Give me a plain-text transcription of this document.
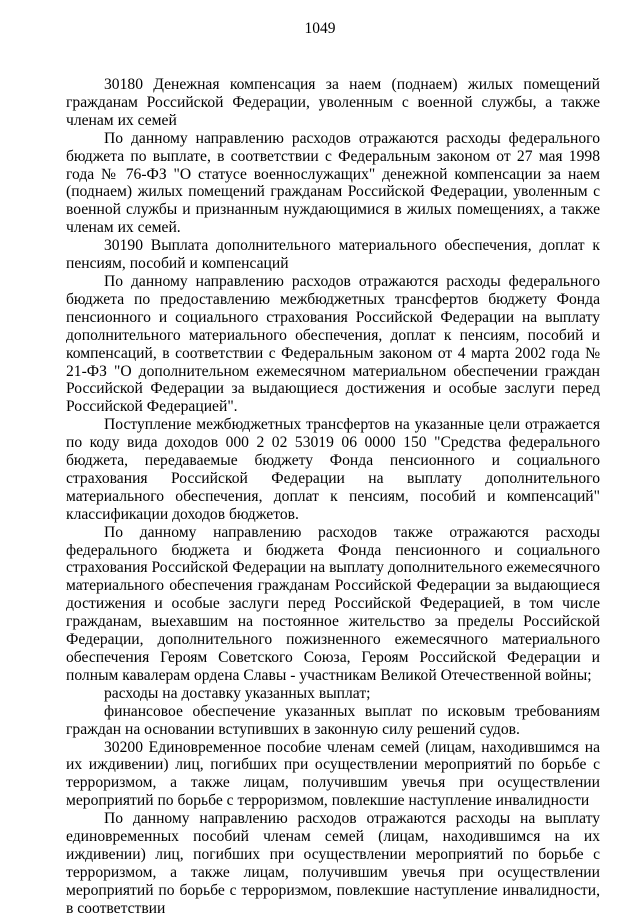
1049

30180 Денежная компенсация за наем (поднаем) жилых помещений гражданам Российской Федерации, уволенным с военной службы, а также членам их семей

По данному направлению расходов отражаются расходы федерального бюджета по выплате, в соответствии с Федеральным законом от 27 мая 1998 года № 76-ФЗ "О статусе военнослужащих" денежной компенсации за наем (поднаем) жилых помещений гражданам Российской Федерации, уволенным с военной службы и признанным нуждающимися в жилых помещениях, а также членам их семей.

30190 Выплата дополнительного материального обеспечения, доплат к пенсиям, пособий и компенсаций

По данному направлению расходов отражаются расходы федерального бюджета по предоставлению межбюджетных трансфертов бюджету Фонда пенсионного и социального страхования Российской Федерации на выплату дополнительного материального обеспечения, доплат к пенсиям, пособий и компенсаций, в соответствии с Федеральным законом от 4 марта 2002 года № 21-ФЗ "О дополнительном ежемесячном материальном обеспечении граждан Российской Федерации за выдающиеся достижения и особые заслуги перед Российской Федерацией".

Поступление межбюджетных трансфертов на указанные цели отражается по коду вида доходов 000 2 02 53019 06 0000 150 "Средства федерального бюджета, передаваемые бюджету Фонда пенсионного и социального страхования Российской Федерации на выплату дополнительного материального обеспечения, доплат к пенсиям, пособий и компенсаций" классификации доходов бюджетов.

По данному направлению расходов также отражаются расходы федерального бюджета и бюджета Фонда пенсионного и социального страхования Российской Федерации на выплату дополнительного ежемесячного материального обеспечения гражданам Российской Федерации за выдающиеся достижения и особые заслуги перед Российской Федерацией, в том числе гражданам, выехавшим на постоянное жительство за пределы Российской Федерации, дополнительного пожизненного ежемесячного материального обеспечения Героям Советского Союза, Героям Российской Федерации и полным кавалерам ордена Славы - участникам Великой Отечественной войны;

расходы на доставку указанных выплат;

финансовое обеспечение указанных выплат по исковым требованиям граждан на основании вступивших в законную силу решений судов.

30200 Единовременное пособие членам семей (лицам, находившимся на их иждивении) лиц, погибших при осуществлении мероприятий по борьбе с терроризмом, а также лицам, получившим увечья при осуществлении мероприятий по борьбе с терроризмом, повлекшие наступление инвалидности

По данному направлению расходов отражаются расходы на выплату единовременных пособий членам семей (лицам, находившимся на их иждивении) лиц, погибших при осуществлении мероприятий по борьбе с терроризмом, а также лицам, получившим увечья при осуществлении мероприятий по борьбе с терроризмом, повлекшие наступление инвалидности, в соответствии
